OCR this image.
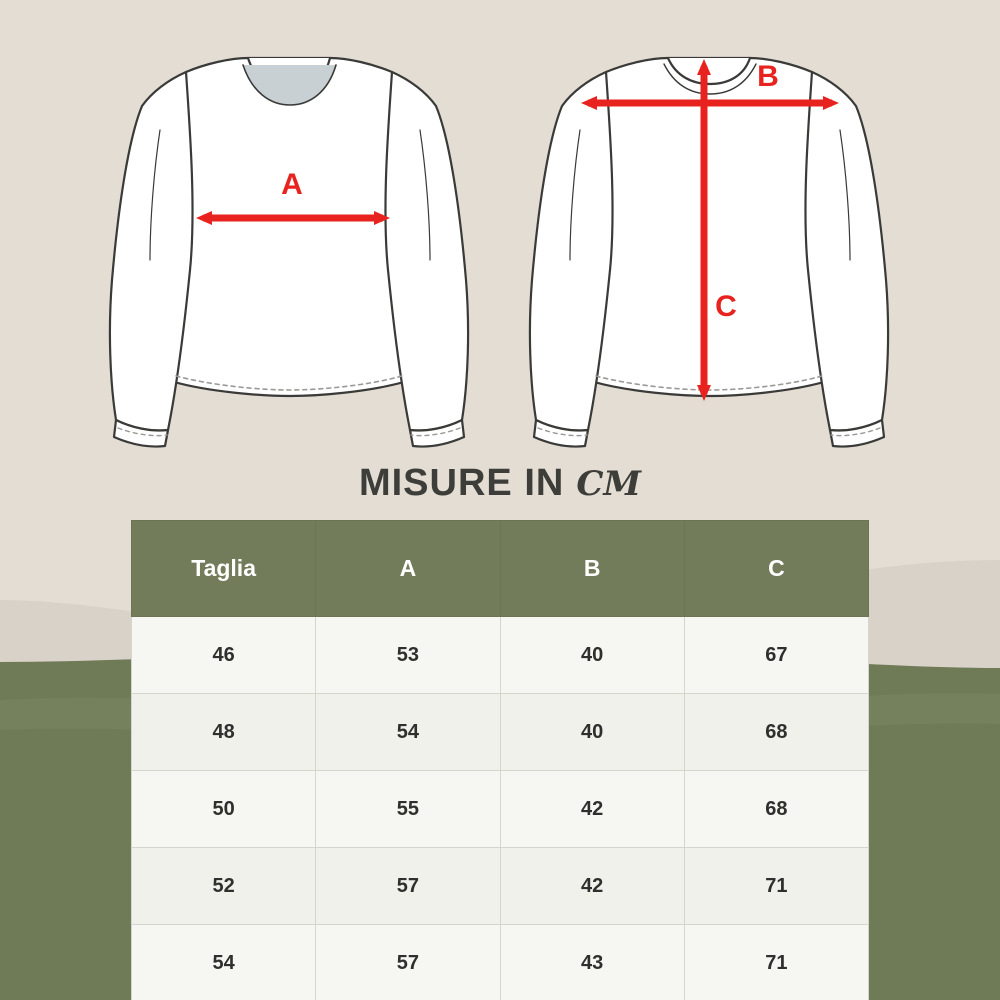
A
B
C
MISURE IN CM
Taglia	A	B	C
46	53	40	67
48	54	40	68
50	55	42	68
52	57	42	71
54	57	43	71
